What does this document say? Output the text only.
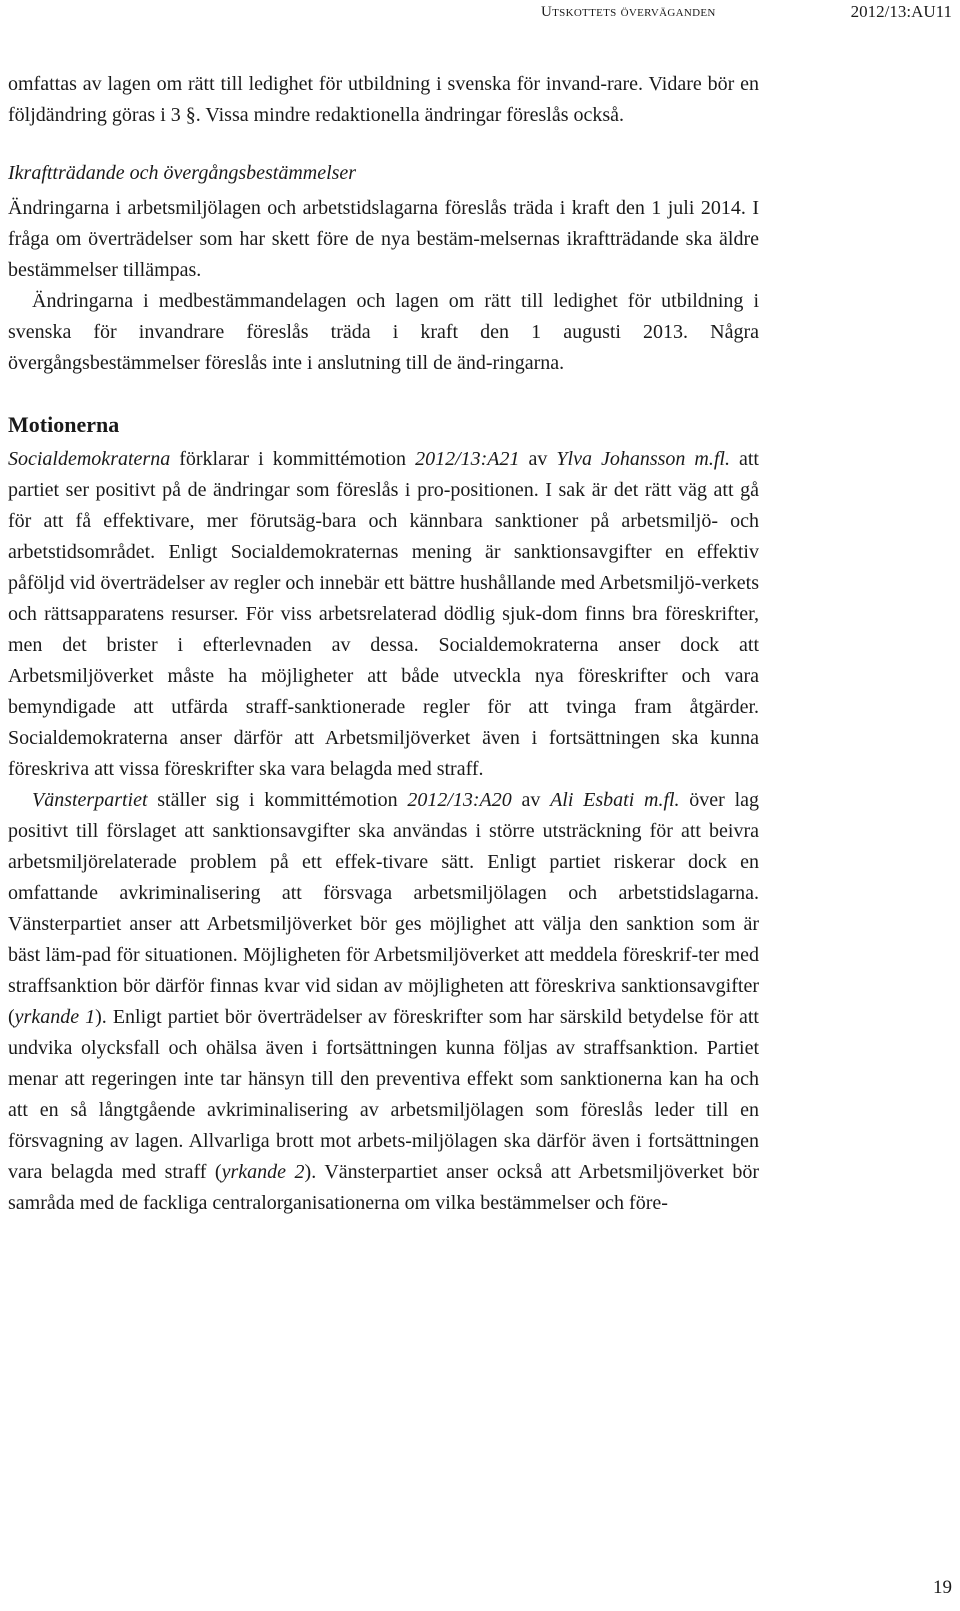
Utskottets överväganden	2012/13:AU11

omfattas av lagen om rätt till ledighet för utbildning i svenska för invand-rare. Vidare bör en följdändring göras i 3 §. Vissa mindre redaktionella ändringar föreslås också.

Ikraftträdande och övergångsbestämmelser

Ändringarna i arbetsmiljölagen och arbetstidslagarna föreslås träda i kraft den 1 juli 2014. I fråga om överträdelser som har skett före de nya bestäm-melsernas ikraftträdande ska äldre bestämmelser tillämpas.

Ändringarna i medbestämmandelagen och lagen om rätt till ledighet för utbildning i svenska för invandrare föreslås träda i kraft den 1 augusti 2013. Några övergångsbestämmelser föreslås inte i anslutning till de änd-ringarna.

Motionerna

Socialdemokraterna förklarar i kommittémotion 2012/13:A21 av Ylva Johansson m.fl. att partiet ser positivt på de ändringar som föreslås i pro-positionen. I sak är det rätt väg att gå för att få effektivare, mer förutsäg-bara och kännbara sanktioner på arbetsmiljö- och arbetstidsområdet. Enligt Socialdemokraternas mening är sanktionsavgifter en effektiv påföljd vid överträdelser av regler och innebär ett bättre hushållande med Arbetsmiljö-verkets och rättsapparatens resurser. För viss arbetsrelaterad dödlig sjuk-dom finns bra föreskrifter, men det brister i efterlevnaden av dessa. Socialdemokraterna anser dock att Arbetsmiljöverket måste ha möjligheter att både utveckla nya föreskrifter och vara bemyndigade att utfärda straff-sanktionerade regler för att tvinga fram åtgärder. Socialdemokraterna anser därför att Arbetsmiljöverket även i fortsättningen ska kunna föreskriva att vissa föreskrifter ska vara belagda med straff.

Vänsterpartiet ställer sig i kommittémotion 2012/13:A20 av Ali Esbati m.fl. över lag positivt till förslaget att sanktionsavgifter ska användas i större utsträckning för att beivra arbetsmiljörelaterade problem på ett effek-tivare sätt. Enligt partiet riskerar dock en omfattande avkriminalisering att försvaga arbetsmiljölagen och arbetstidslagarna. Vänsterpartiet anser att Arbetsmiljöverket bör ges möjlighet att välja den sanktion som är bäst läm-pad för situationen. Möjligheten för Arbetsmiljöverket att meddela föreskrif-ter med straffsanktion bör därför finnas kvar vid sidan av möjligheten att föreskriva sanktionsavgifter (yrkande 1). Enligt partiet bör överträdelser av föreskrifter som har särskild betydelse för att undvika olycksfall och ohälsa även i fortsättningen kunna följas av straffsanktion. Partiet menar att regeringen inte tar hänsyn till den preventiva effekt som sanktionerna kan ha och att en så långtgående avkriminalisering av arbetsmiljölagen som föreslås leder till en försvagning av lagen. Allvarliga brott mot arbets-miljölagen ska därför även i fortsättningen vara belagda med straff (yrkande 2). Vänsterpartiet anser också att Arbetsmiljöverket bör samråda med de fackliga centralorganisationerna om vilka bestämmelser och före-

19
